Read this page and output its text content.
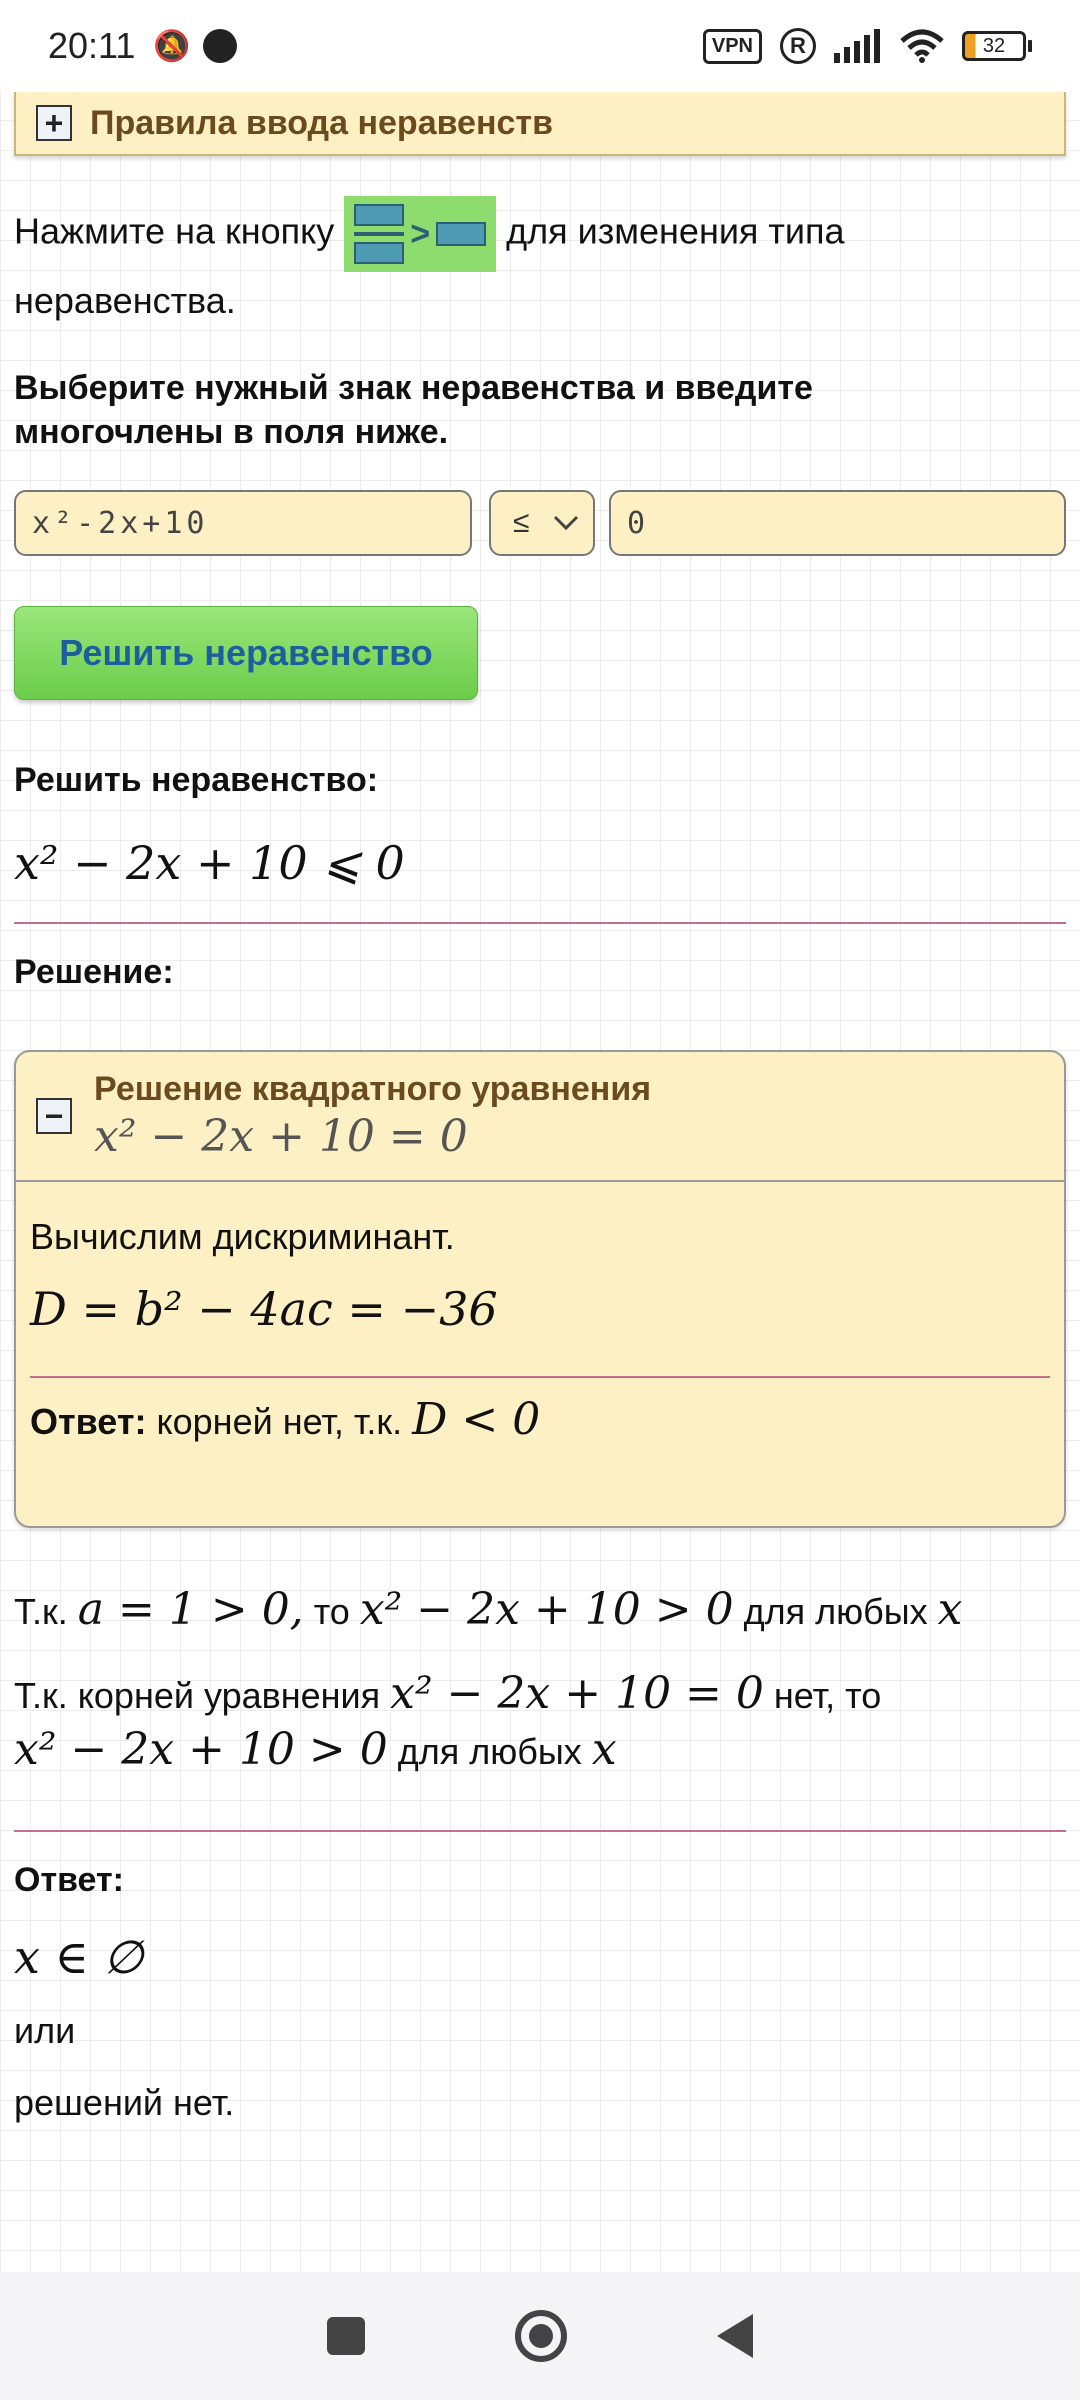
20:11 🔕	VPN	R	32
+ Правила ввода неравенств
Нажмите на кнопку > для изменения типа
неравенства.
Выберите нужный знак неравенства и введите многочлены в поля ниже.
x²-2x+10	≤	0
Решить неравенство
Решить неравенство:
x² − 2x + 10 ⩽ 0
Решение:
−
Решение квадратного уравнения
x² − 2x + 10 = 0
Вычислим дискриминант.
D = b² − 4ac = −36
Ответ: корней нет, т.к. D < 0
Т.к. a = 1 > 0, то x² − 2x + 10 > 0 для любых x
Т.к. корней уравнения x² − 2x + 10 = 0 нет, то
x² − 2x + 10 > 0 для любых x
Ответ:
x ∈ ∅
или
решений нет.
